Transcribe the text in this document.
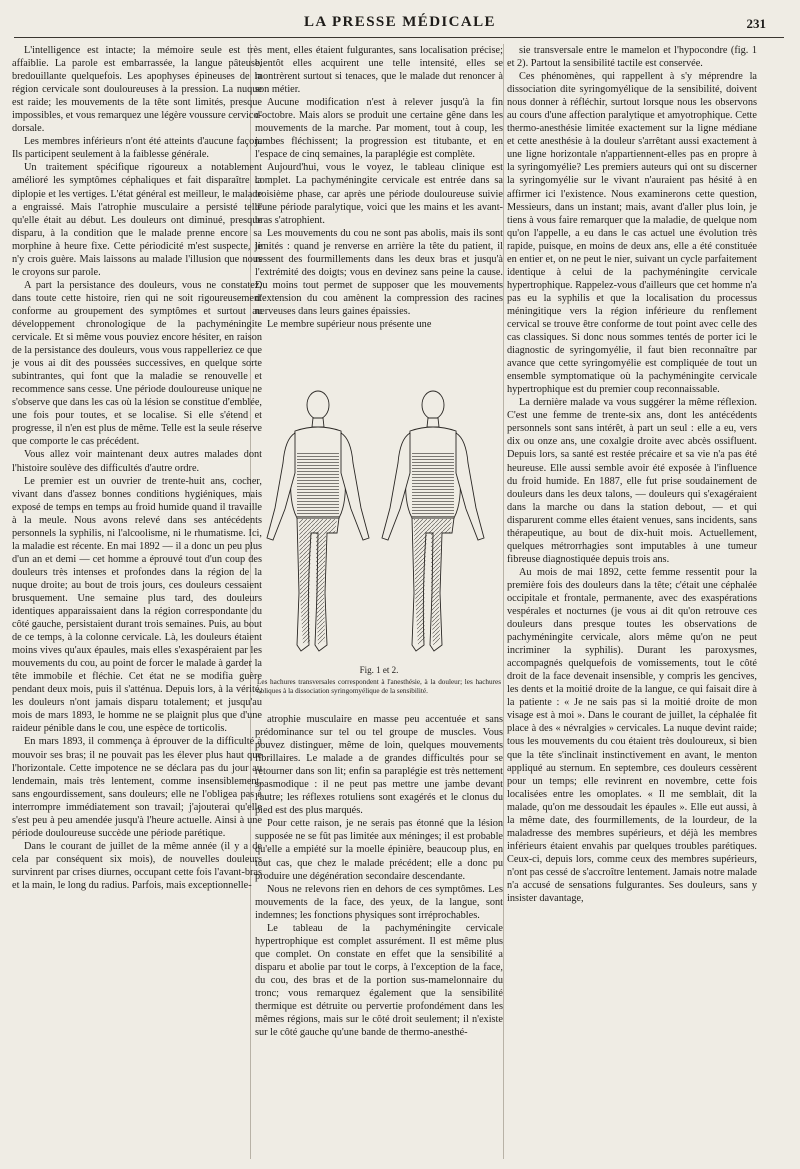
LA PRESSE MÉDICALE	231

L'intelligence est intacte; la mémoire seule est très affaiblie. La parole est embarrassée, la langue pâteuse, bredouillante quelquefois. Les apophyses épineuses de la région cervicale sont douloureuses à la pression. La nuque est raide; les mouvements de la tête sont limités, presque impossibles, et vous remarquez une légère voussure cervico-dorsale.

Les membres inférieurs n'ont été atteints d'aucune façon. Ils participent seulement à la faiblesse générale.

Un traitement spécifique rigoureux a notablement amélioré les symptômes céphaliques et fait disparaître la diplopie et les vertiges. L'état général est meilleur, le malade a engraissé. Mais l'atrophie musculaire a persisté telle qu'elle était au début. Les douleurs ont diminué, presque disparu, à la condition que le malade prenne encore sa morphine à heure fixe. Cette périodicité m'est suspecte, je n'y crois guère. Mais laissons au malade l'illusion que nous le croyons sur parole.

A part la persistance des douleurs, vous ne constatez, dans toute cette histoire, rien qui ne soit rigoureusement conforme au groupement des symptômes et surtout au développement chronologique de la pachyméningite cervicale. Et si même vous pouviez encore hésiter, en raison de la persistance des douleurs, vous vous rappelleriez ce que je vous ai dit des poussées successives, en quelque sorte subintrantes, qui font que la maladie se renouvelle et recommence sans cesse. Une période douloureuse unique ne s'observe que dans les cas où la lésion se constitue d'emblée, une fois pour toutes, et se localise. Si elle s'étend et progresse, il n'en est plus de même. Telle est la seule réserve que comporte le cas précédent.

Vous allez voir maintenant deux autres malades dont l'histoire soulève des difficultés d'autre ordre.

Le premier est un ouvrier de trente-huit ans, cocher, vivant dans d'assez bonnes conditions hygiéniques, mais exposé de temps en temps au froid humide quand il travaille à la meule. Nous avons relevé dans ses antécédents personnels la syphilis, ni l'alcoolisme, ni le rhumatisme. Ici, la maladie est récente. En mai 1892 — il a donc un peu plus d'un an et demi — cet homme a éprouvé tout d'un coup des douleurs très intenses et profondes dans la région de la nuque droite; au bout de trois jours, ces douleurs cessaient brusquement. Une semaine plus tard, des douleurs identiques apparaissaient dans la région correspondante du côté gauche, persistaient durant trois semaines. Puis, au bout de ce temps, à la colonne cervicale. Là, les douleurs étaient moins vives qu'aux épaules, mais elles s'exaspéraient par les mouvements du cou, au point de forcer le malade à garder la tête immobile et fléchie. Cet état ne se modifia guère pendant deux mois, puis il s'atténua. Depuis lors, à la vérité, les douleurs n'ont jamais disparu totalement; et jusqu'au mois de mars 1893, le homme ne se plaignit plus que d'une raideur pénible dans le cou, une espèce de torticolis.

En mars 1893, il commença à éprouver de la difficulté à mouvoir ses bras; il ne pouvait pas les élever plus haut que l'horizontale. Cette impotence ne se déclara pas du jour au lendemain, mais très lentement, comme insensiblement, sans engourdissement, sans douleurs; elle ne l'obligea pas à interrompre immédiatement son travail; j'ajouterai qu'elle s'est peu à peu amendée jusqu'à l'heure actuelle. Ainsi à une période douloureuse succède une période parétique.

Dans le courant de juillet de la même année (il y a de cela par conséquent six mois), de nouvelles douleurs survinrent par crises diurnes, occupant cette fois l'avant-bras et la main, le long du radius. Parfois, mais exceptionnelle-

ment, elles étaient fulgurantes, sans localisation précise; bientôt elles acquirent une telle intensité, elles se montrèrent surtout si tenaces, que le malade dut renoncer à son métier.

Aucune modification n'est à relever jusqu'à la fin d'octobre. Mais alors se produit une certaine gêne dans les mouvements de la marche. Par moment, tout à coup, les jambes fléchissent; la progression est titubante, et en l'espace de cinq semaines, la paraplégie est complète.

Aujourd'hui, vous le voyez, le tableau clinique est complet. La pachyméningite cervicale est entrée dans sa troisième phase, car après une période douloureuse suivie d'une période paralytique, voici que les mains et les avant-bras s'atrophient.

Les mouvements du cou ne sont pas abolis, mais ils sont limités : quand je renverse en arrière la tête du patient, il ressent des fourmillements dans les deux bras et jusqu'à l'extrémité des doigts; vous en devinez sans peine la cause. Du moins tout permet de supposer que les mouvements d'extension du cou amènent la compression des racines nerveuses dans leurs gaines épaissies.

Le membre supérieur nous présente une

Fig. 1 et 2.
Les hachures transversales correspondent à l'anesthésie, à la douleur; les hachures obliques à la dissociation syringomyélique de la sensibilité.

atrophie musculaire en masse peu accentuée et sans prédominance sur tel ou tel groupe de muscles. Vous pouvez distinguer, même de loin, quelques mouvements fibrillaires. Le malade a de grandes difficultés pour se retourner dans son lit; enfin sa paraplégie est très nettement spasmodique : il ne peut pas mettre une jambe devant l'autre; les réflexes rotuliens sont exagérés et le clonus du pied est des plus marqués.

Pour cette raison, je ne serais pas étonné que la lésion supposée ne se fût pas limitée aux méninges; il est probable qu'elle a empiété sur la moelle épinière, beaucoup plus, en tout cas, que chez le malade précédent; elle a donc pu produire une dégénération secondaire descendante.

Nous ne relevons rien en dehors de ces symptômes. Les mouvements de la face, des yeux, de la langue, sont indemnes; les fonctions physiques sont irréprochables.

Le tableau de la pachyméningite cervicale hypertrophique est complet assurément. Il est même plus que complet. On constate en effet que la sensibilité a disparu et abolie par tout le corps, à l'exception de la face, du cou, des bras et de la portion sus-mamelonnaire du tronc; vous remarquez également que la sensibilité thermique est détruite ou pervertie profondément dans les mêmes régions, mais sur le côté droit seulement; il n'existe sur le côté gauche qu'une bande de thermo-anesthé-

sie transversale entre le mamelon et l'hypocondre (fig. 1 et 2). Partout la sensibilité tactile est conservée.

Ces phénomènes, qui rappellent à s'y méprendre la dissociation dite syringomyélique de la sensibilité, doivent nous donner à réfléchir, surtout lorsque nous les observons au cours d'une affection paralytique et amyotrophique. Cette thermo-anesthésie limitée exactement sur la ligne médiane et cette anesthésie à la douleur s'arrêtant aussi exactement à une ligne horizontale n'appartiennent-elles pas en propre à la syringomyélie? Les premiers auteurs qui ont su discerner la syringomyélie sur le vivant n'auraient pas hésité à en affirmer ici l'existence. Nous examinerons cette question, Messieurs, dans un instant; mais, avant d'aller plus loin, je tiens à vous faire remarquer que la maladie, de quelque nom qu'on l'appelle, a eu dans le cas actuel une évolution très rapide, puisque, en moins de deux ans, elle a été constituée en entier et, on ne peut le nier, suivant un cycle parfaitement identique à celui de la pachyméningite cervicale hypertrophique. Rappelez-vous d'ailleurs que cet homme n'a pas eu la syphilis et que la localisation du processus méningitique vers la région inférieure du renflement cervical se trouve être conforme de tout point avec celle des cas classiques. Si donc nous sommes tentés de porter ici le diagnostic de syringomyélie, il faut bien reconnaître par avance que cette syringomyélie est compliquée de tout un ensemble symptomatique où la pachyméningite cervicale hypertrophique est du premier coup reconnaissable.

La dernière malade va vous suggérer la même réflexion. C'est une femme de trente-six ans, dont les antécédents personnels sont sans intérêt, à part un seul : elle a eu, vers dix ou onze ans, une coxalgie droite avec abcès ossifluent. Depuis lors, sa santé est restée précaire et sa vie n'a pas été heureuse. Elle aussi semble avoir été exposée à l'influence du froid humide. En 1887, elle fut prise soudainement de douleurs dans les deux talons, — douleurs qui s'exagéraient dans la marche ou dans la station debout, — et qui disparurent comme elles étaient venues, sans incidents, sans thérapeutique, au bout de dix-huit mois. Actuellement, quelques métrorrhagies sont imputables à une tumeur fibreuse diagnostiquée depuis trois ans.

Au mois de mai 1892, cette femme ressentit pour la première fois des douleurs dans la tête; c'était une céphalée occipitale et frontale, permanente, avec des exaspérations vespérales et nocturnes (je vous ai dit qu'on retrouve ces douleurs dans presque toutes les observations de pachyméningite cervicale, alors même qu'on ne peut incriminer la syphilis). Durant les paroxysmes, accompagnés quelquefois de vomissements, tout le côté droit de la face devenait insensible, y compris les gencives, les dents et la moitié droite de la langue, ce qui faisait dire à la patiente : « Je ne sais pas si la moitié droite de mon visage est à moi ». Dans le courant de juillet, la céphalée fit place à des « névralgies » cervicales. La nuque devint raide; tous les mouvements du cou étaient très douloureux, si bien que la tête s'inclinait instinctivement en avant, le menton appliqué au sternum. En septembre, ces douleurs cessèrent pour un temps; elle revinrent en novembre, cette fois localisées entre les omoplates. « Il me semblait, dit la malade, qu'on me dessoudait les épaules ». Elle eut aussi, à la même date, des fourmillements, de la lourdeur, de la maladresse des membres supérieurs, et déjà les membres inférieurs étaient envahis par quelques troubles parétiques. Ceux-ci, depuis lors, comme ceux des membres supérieurs, n'ont pas cessé de s'accroître lentement. Jamais notre malade n'a accusé de sensations fulgurantes. Ses douleurs, sans y insister davantage,
